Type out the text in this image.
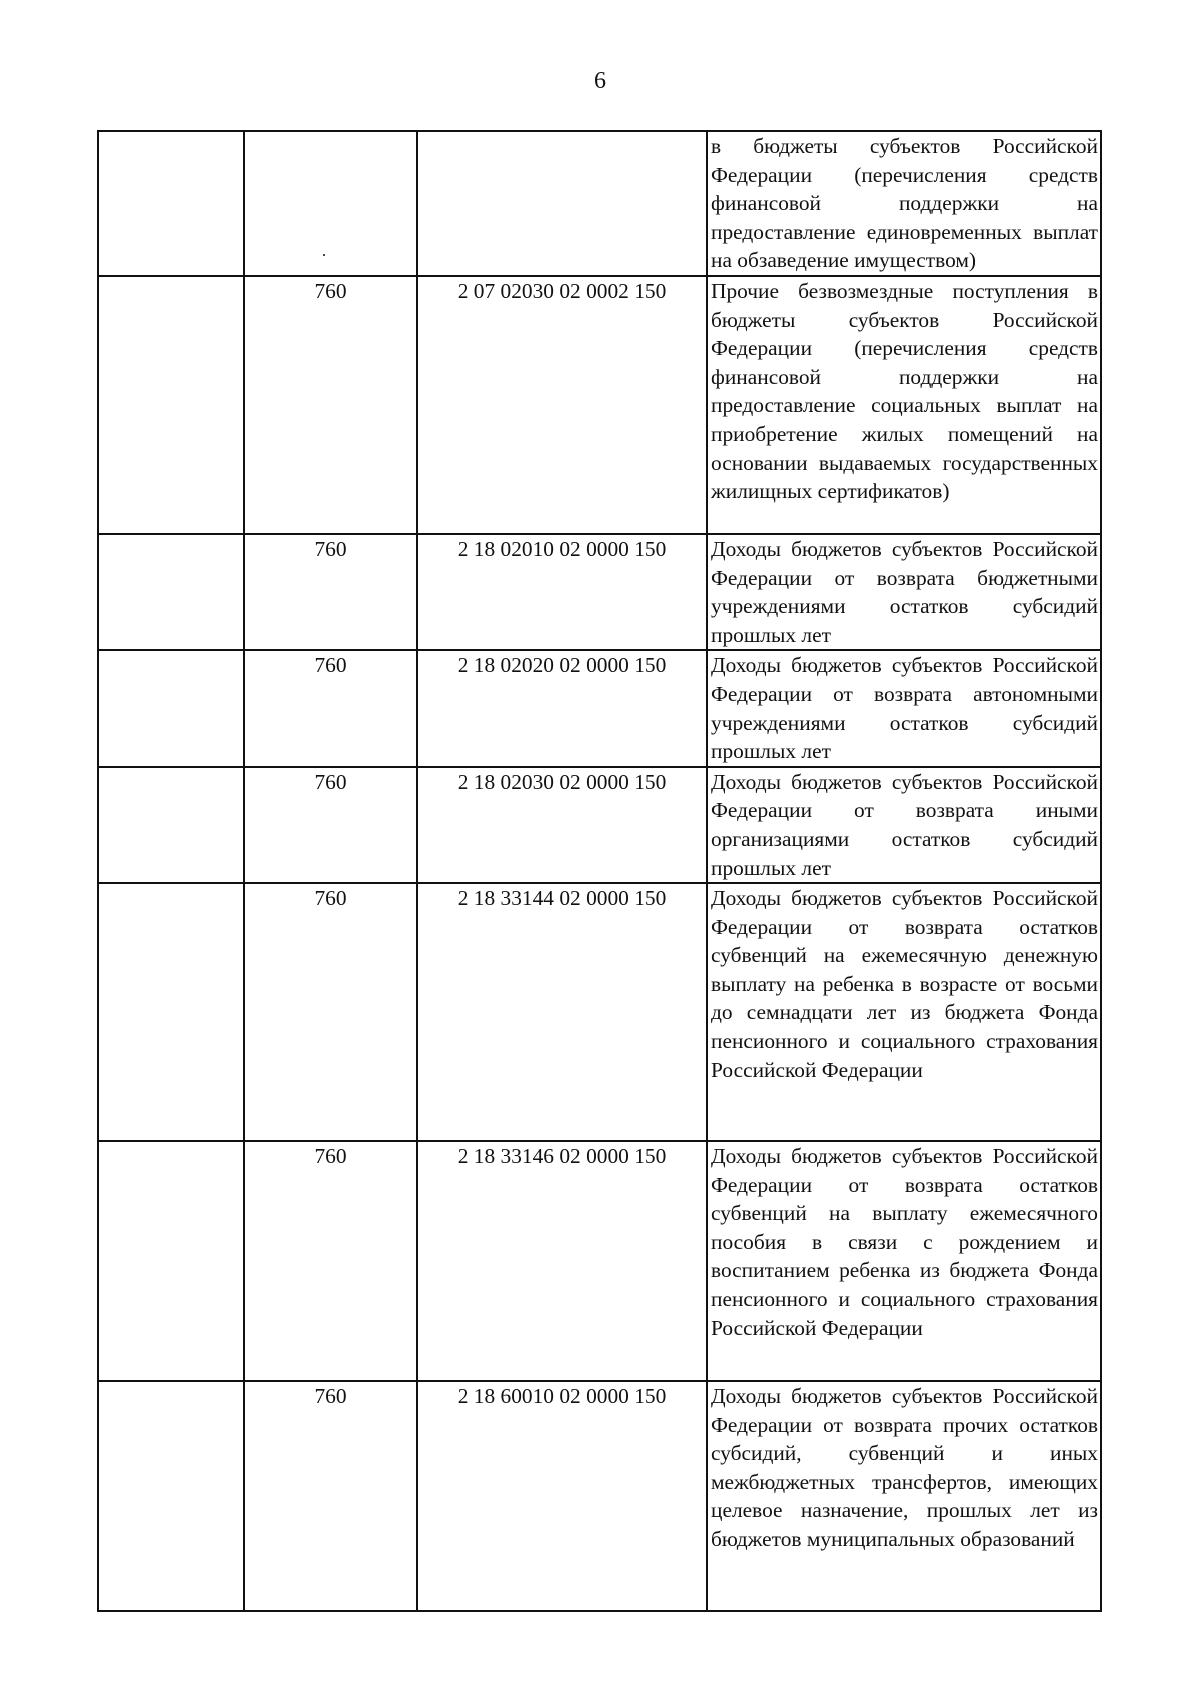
6
			в бюджеты субъектов Российской Федерации (перечисления средств финансовой поддержки на предоставление единовременных выплат на обзаведение имуществом)
	760	2 07 02030 02 0002 150	Прочие безвозмездные поступления в бюджеты субъектов Российской Федерации (перечисления средств финансовой поддержки на предоставление социальных выплат на приобретение жилых помещений на основании выдаваемых государственных жилищных сертификатов)
	760	2 18 02010 02 0000 150	Доходы бюджетов субъектов Российской Федерации от возврата бюджетными учреждениями остатков субсидий прошлых лет
	760	2 18 02020 02 0000 150	Доходы бюджетов субъектов Российской Федерации от возврата автономными учреждениями остатков субсидий прошлых лет
	760	2 18 02030 02 0000 150	Доходы бюджетов субъектов Российской Федерации от возврата иными организациями остатков субсидий прошлых лет
	760	2 18 33144 02 0000 150	Доходы бюджетов субъектов Российской Федерации от возврата остатков субвенций на ежемесячную денежную выплату на ребенка в возрасте от восьми до семнадцати лет из бюджета Фонда пенсионного и социального страхования Российской Федерации
	760	2 18 33146 02 0000 150	Доходы бюджетов субъектов Российской Федерации от возврата остатков субвенций на выплату ежемесячного пособия в связи с рождением и воспитанием ребенка из бюджета Фонда пенсионного и социального страхования Российской Федерации
	760	2 18 60010 02 0000 150	Доходы бюджетов субъектов Российской Федерации от возврата прочих остатков субсидий, субвенций и иных межбюджетных трансфертов, имеющих целевое назначение, прошлых лет из бюджетов муниципальных образований
